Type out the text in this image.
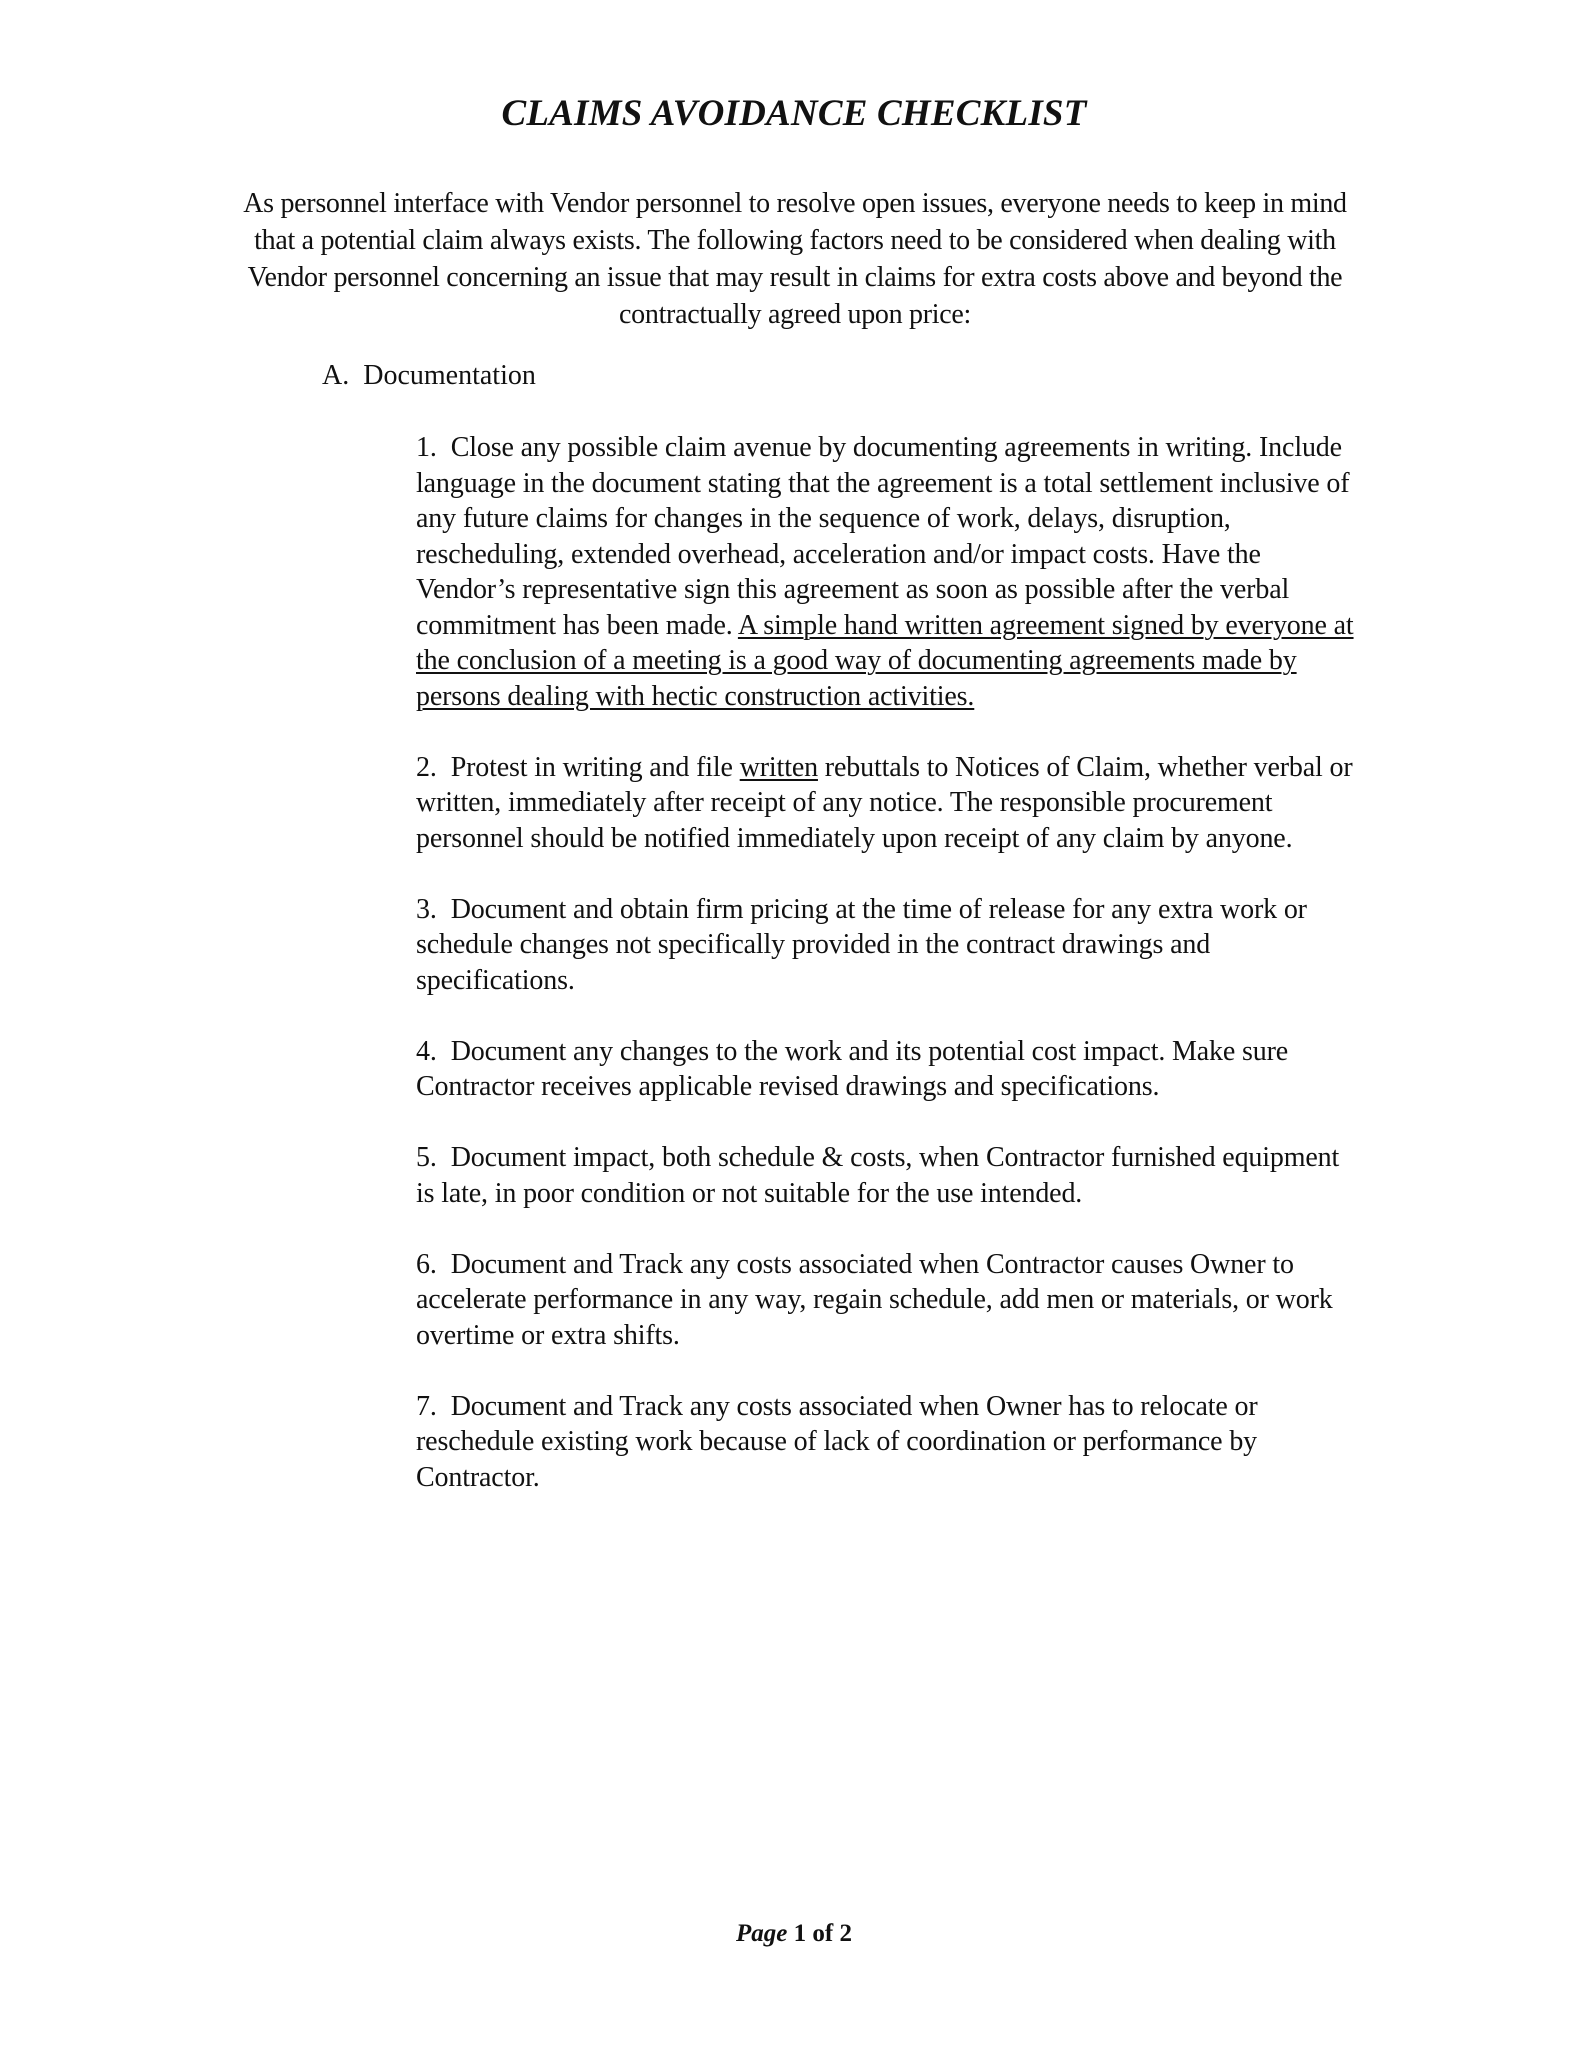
CLAIMS AVOIDANCE CHECKLIST
As personnel interface with Vendor personnel to resolve open issues, everyone needs to keep in mind that a potential claim always exists. The following factors need to be considered when dealing with Vendor personnel concerning an issue that may result in claims for extra costs above and beyond the contractually agreed upon price:
A. Documentation

1. Close any possible claim avenue by documenting agreements in writing. Include language in the document stating that the agreement is a total settlement inclusive of any future claims for changes in the sequence of work, delays, disruption, rescheduling, extended overhead, acceleration and/or impact costs. Have the Vendor’s representative sign this agreement as soon as possible after the verbal commitment has been made. A simple hand written agreement signed by everyone at the conclusion of a meeting is a good way of documenting agreements made by persons dealing with hectic construction activities.

2. Protest in writing and file written rebuttals to Notices of Claim, whether verbal or written, immediately after receipt of any notice. The responsible procurement personnel should be notified immediately upon receipt of any claim by anyone.

3. Document and obtain firm pricing at the time of release for any extra work or schedule changes not specifically provided in the contract drawings and specifications.

4. Document any changes to the work and its potential cost impact. Make sure Contractor receives applicable revised drawings and specifications.

5. Document impact, both schedule & costs, when Contractor furnished equipment is late, in poor condition or not suitable for the use intended.

6. Document and Track any costs associated when Contractor causes Owner to accelerate performance in any way, regain schedule, add men or materials, or work overtime or extra shifts.

7. Document and Track any costs associated when Owner has to relocate or reschedule existing work because of lack of coordination or performance by Contractor.

Page 1 of 2
